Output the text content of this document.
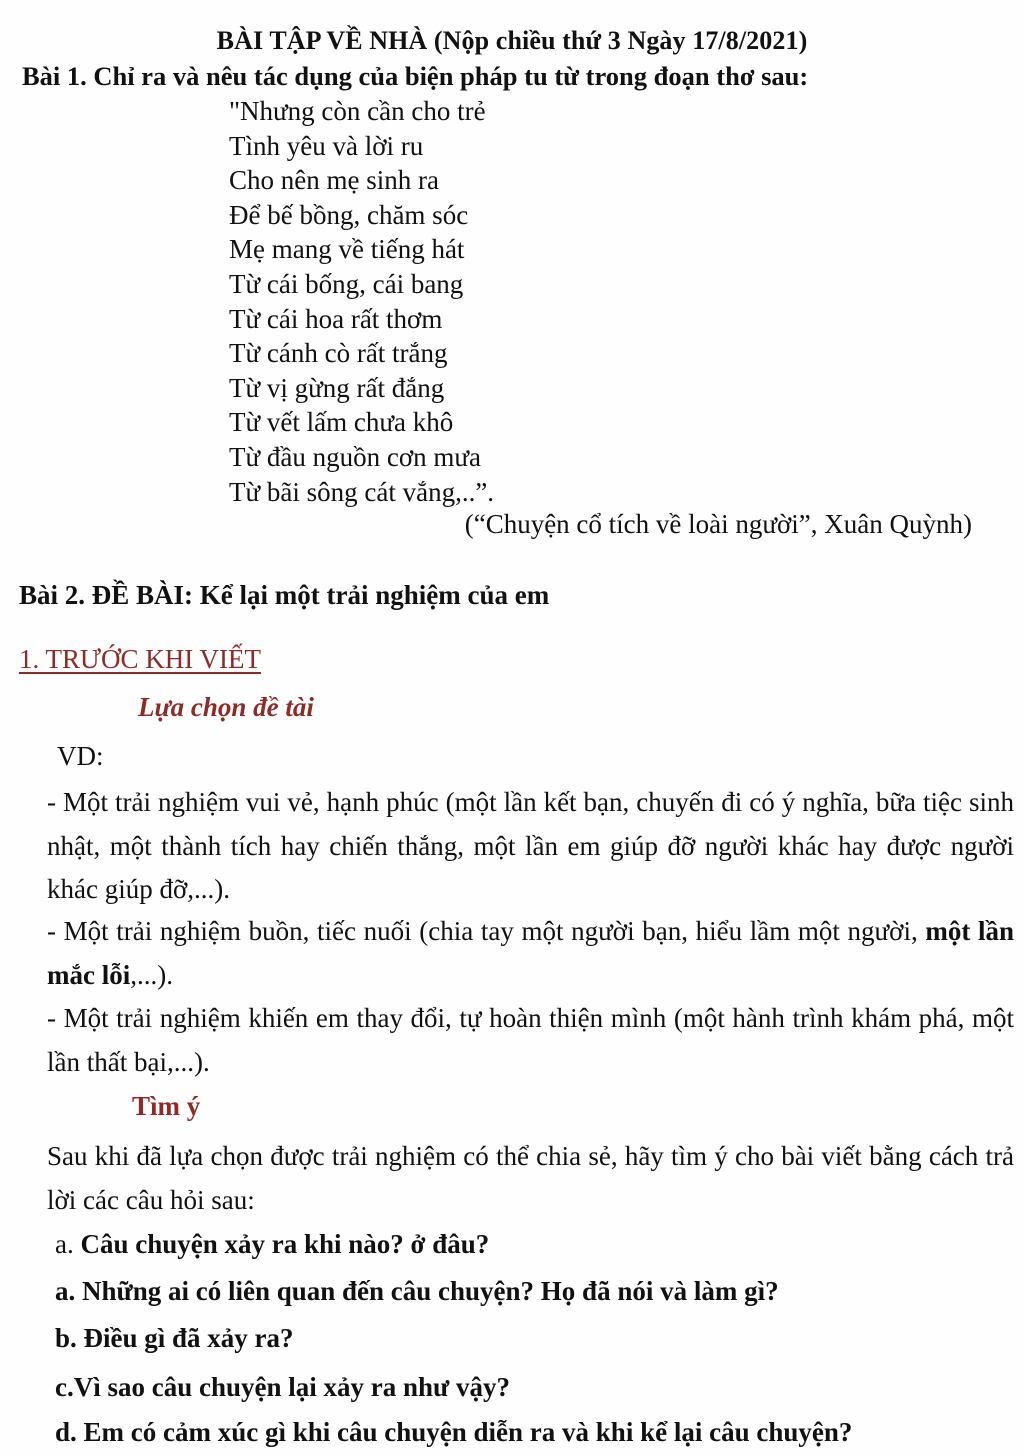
BÀI TẬP VỀ NHÀ (Nộp chiều thứ 3 Ngày 17/8/2021)
Bài 1. Chỉ ra và nêu tác dụng của biện pháp tu từ trong đoạn thơ sau:
"Nhưng còn cần cho trẻ
Tình yêu và lời ru
Cho nên mẹ sinh ra
Để bế bồng, chăm sóc
Mẹ mang về tiếng hát
Từ cái bống, cái bang
Từ cái hoa rất thơm
Từ cánh cò rất trắng
Từ vị gừng rất đắng
Từ vết lấm chưa khô
Từ đầu nguồn cơn mưa
Từ bãi sông cát vắng,..”.
(“Chuyện cổ tích về loài người”, Xuân Quỳnh)
Bài 2. ĐỀ BÀI: Kể lại một trải nghiệm của em
1. TRƯỚC KHI VIẾT
Lựa chọn đề tài
VD:

- Một trải nghiệm vui vẻ, hạnh phúc (một lần kết bạn, chuyến đi có ý nghĩa, bữa tiệc sinh nhật, một thành tích hay chiến thắng, một lần em giúp đỡ người khác hay được người khác giúp đỡ,...).

- Một trải nghiệm buồn, tiếc nuối (chia tay một người bạn, hiểu lầm một người, một lần mắc lỗi,...).

- Một trải nghiệm khiến em thay đổi, tự hoàn thiện mình (một hành trình khám phá, một lần thất bại,...).

Tìm ý

Sau khi đã lựa chọn được trải nghiệm có thể chia sẻ, hãy tìm ý cho bài viết bằng cách trả lời các câu hỏi sau:

a. Câu chuyện xảy ra khi nào? ở đâu?
a. Những ai có liên quan đến câu chuyện? Họ đã nói và làm gì?
b. Điều gì đã xảy ra?
c.Vì sao câu chuyện lại xảy ra như vậy?
d. Em có cảm xúc gì khi câu chuyện diễn ra và khi kể lại câu chuyện?
